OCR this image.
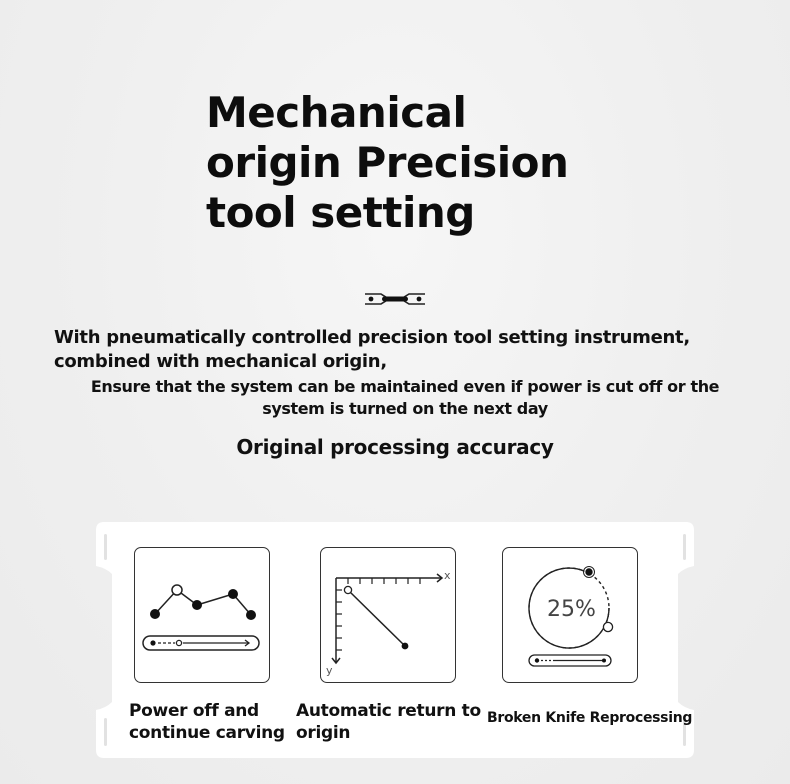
Mechanical
origin Precision
tool setting

With pneumatically controlled precision tool setting instrument,

combined with mechanical origin,

Ensure that the system can be maintained even if power is cut off or the system is turned on the next day

Original processing accuracy

x
y
25%

Power off and continue carving

Automatic return to origin

Broken Knife Reprocessing
